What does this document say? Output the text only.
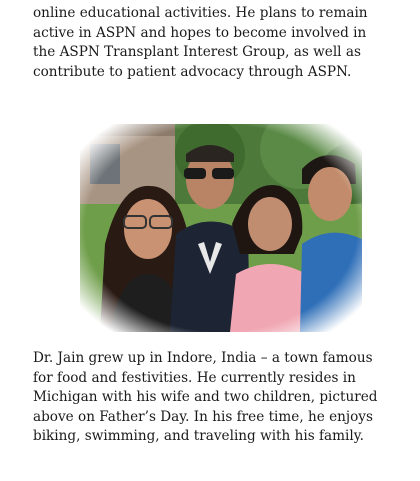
online educational activities. He plans to remain
active in ASPN and hopes to become involved in
the ASPN Transplant Interest Group, as well as
contribute to patient advocacy through ASPN.
Dr. Jain grew up in Indore, India – a town famous
for food and festivities. He currently resides in
Michigan with his wife and two children, pictured
above on Father’s Day. In his free time, he enjoys
biking, swimming, and traveling with his family.
